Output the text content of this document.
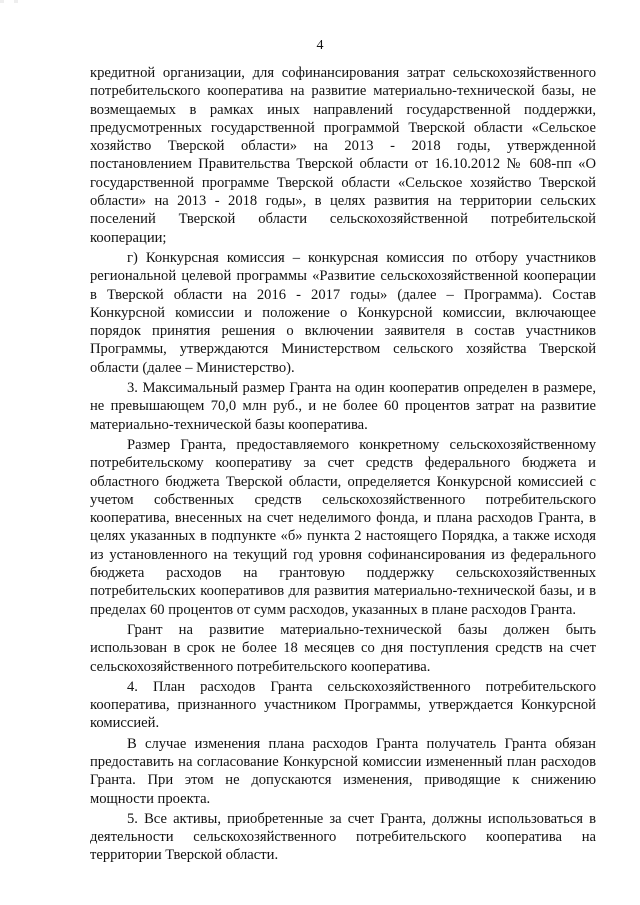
4

кредитной организации, для софинансирования затрат сельскохозяйственного потребительского кооператива на развитие материально-технической базы, не возмещаемых в рамках иных направлений государственной поддержки, предусмотренных государственной программой Тверской области «Сельское хозяйство Тверской области» на 2013 - 2018 годы, утвержденной постановлением Правительства Тверской области от 16.10.2012 № 608-пп «О государственной программе Тверской области «Сельское хозяйство Тверской области» на 2013 - 2018 годы», в целях развития на территории сельских поселений Тверской области сельскохозяйственной потребительской кооперации;

г) Конкурсная комиссия – конкурсная комиссия по отбору участников региональной целевой программы «Развитие сельскохозяйственной кооперации в Тверской области на 2016 - 2017 годы» (далее – Программа). Состав Конкурсной комиссии и положение о Конкурсной комиссии, включающее порядок принятия решения о включении заявителя в состав участников Программы, утверждаются Министерством сельского хозяйства Тверской области (далее – Министерство).

3. Максимальный размер Гранта на один кооператив определен в размере, не превышающем 70,0 млн руб., и не более 60 процентов затрат на развитие материально-технической базы кооператива.

Размер Гранта, предоставляемого конкретному сельскохозяйственному потребительскому кооперативу за счет средств федерального бюджета и областного бюджета Тверской области, определяется Конкурсной комиссией с учетом собственных средств сельскохозяйственного потребительского кооператива, внесенных на счет неделимого фонда, и плана расходов Гранта, в целях указанных в подпункте «б» пункта 2 настоящего Порядка, а также исходя из установленного на текущий год уровня софинансирования из федерального бюджета расходов на грантовую поддержку сельскохозяйственных потребительских кооперативов для развития материально-технической базы, и в пределах 60 процентов от сумм расходов, указанных в плане расходов Гранта.

Грант на развитие материально-технической базы должен быть использован в срок не более 18 месяцев со дня поступления средств на счет сельскохозяйственного потребительского кооператива.

4. План расходов Гранта сельскохозяйственного потребительского кооператива, признанного участником Программы, утверждается Конкурсной комиссией.

В случае изменения плана расходов Гранта получатель Гранта обязан предоставить на согласование Конкурсной комиссии измененный план расходов Гранта. При этом не допускаются изменения, приводящие к снижению мощности проекта.

5. Все активы, приобретенные за счет Гранта, должны использоваться в деятельности сельскохозяйственного потребительского кооператива на территории Тверской области.
